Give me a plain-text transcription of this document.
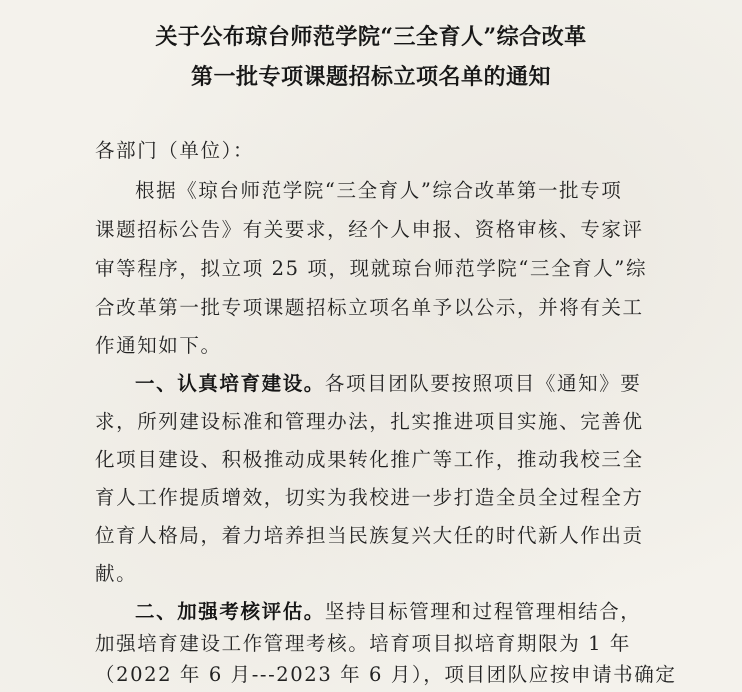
关于公布琼台师范学院“三全育人”综合改革
第一批专项课题招标立项名单的通知
各部门（单位）：
根据《琼台师范学院“三全育人”综合改革第一批专项
课题招标公告》有关要求，经个人申报、资格审核、专家评
审等程序，拟立项 25 项，现就琼台师范学院“三全育人”综
合改革第一批专项课题招标立项名单予以公示，并将有关工
作通知如下。
一、认真培育建设。各项目团队要按照项目《通知》要
求，所列建设标准和管理办法，扎实推进项目实施、完善优
化项目建设、积极推动成果转化推广等工作，推动我校三全
育人工作提质增效，切实为我校进一步打造全员全过程全方
位育人格局，着力培养担当民族复兴大任的时代新人作出贡
献。
二、加强考核评估。坚持目标管理和过程管理相结合，
加强培育建设工作管理考核。培育项目拟培育期限为 1 年
（2022 年 6 月---2023 年 6 月），项目团队应按申请书确定
